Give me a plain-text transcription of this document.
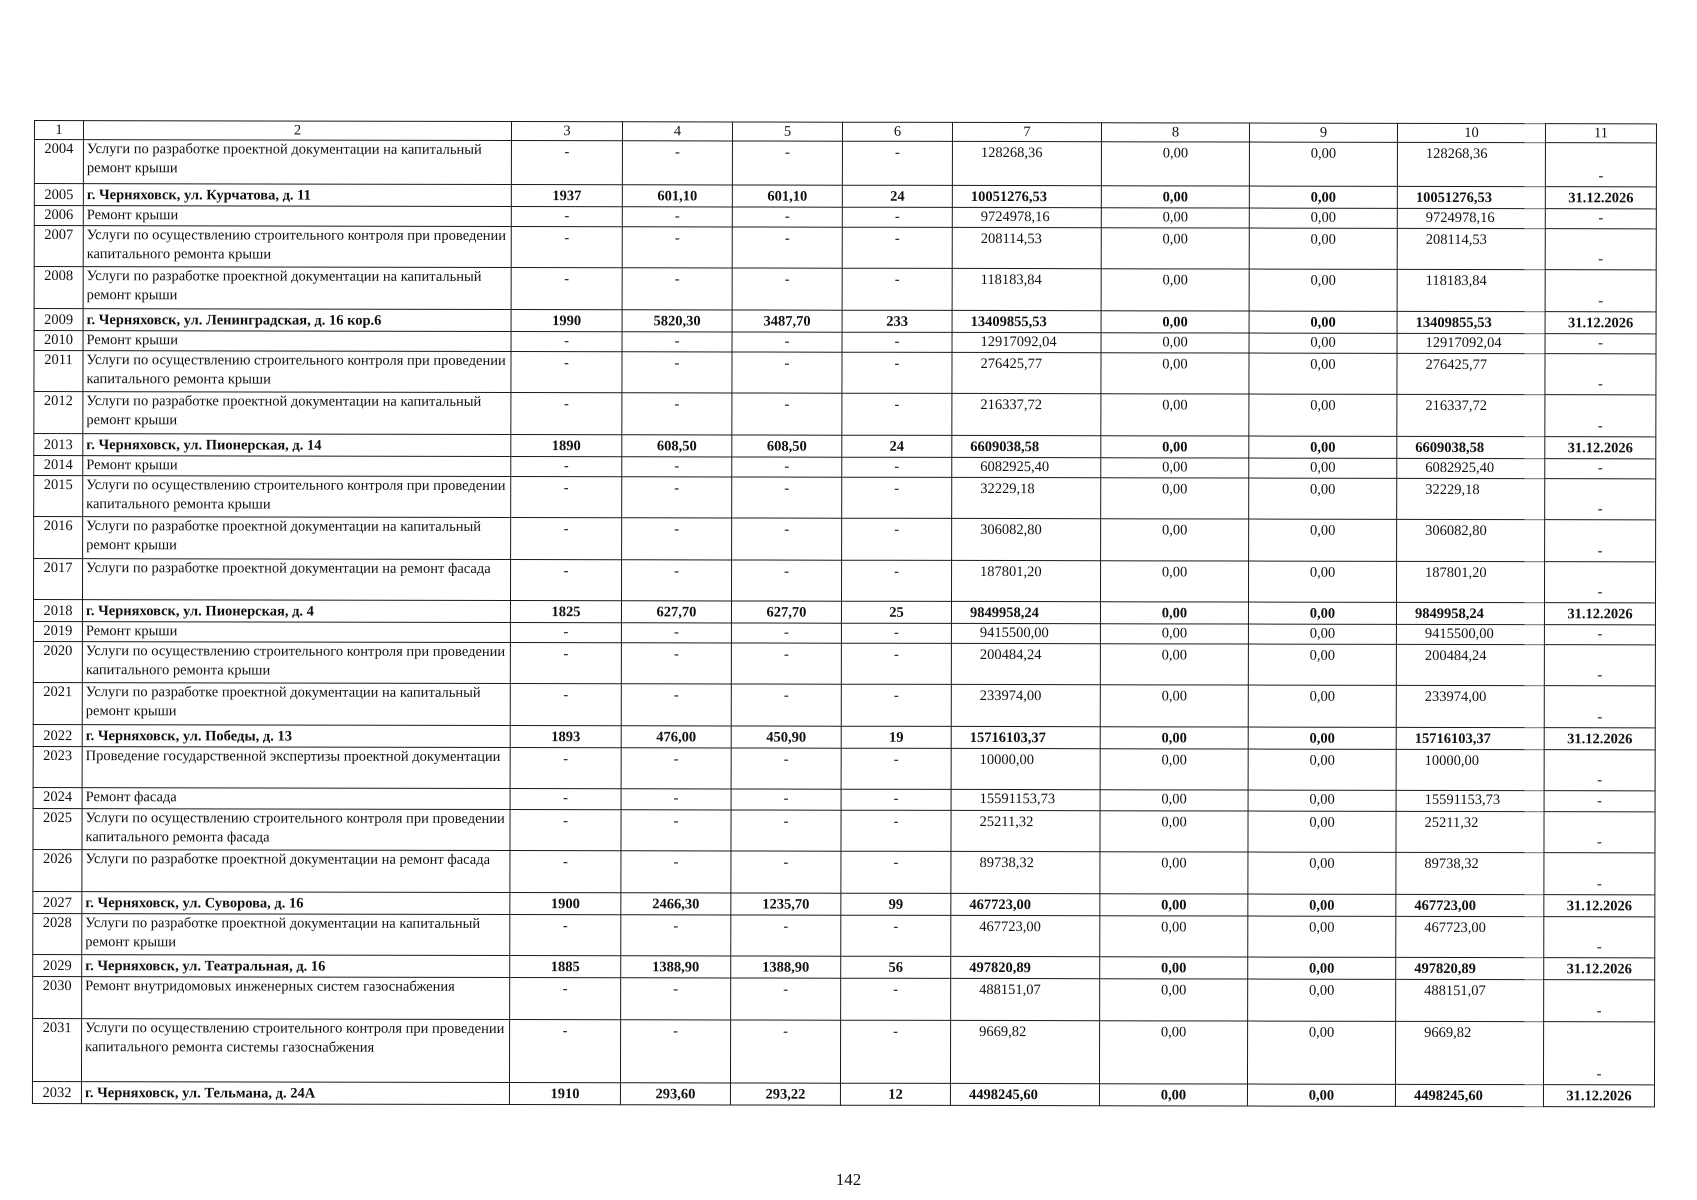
1	2	3	4	5	6	7	8	9	10	11
2004	Услуги по разработке проектной документации на капитальный ремонт крыши	-	-	-	-	128268,36	0,00	0,00	128268,36	-
2005	г. Черняховск, ул. Курчатова, д. 11	1937	601,10	601,10	24	10051276,53	0,00	0,00	10051276,53	31.12.2026
2006	Ремонт крыши	-	-	-	-	9724978,16	0,00	0,00	9724978,16	-
2007	Услуги по осуществлению строительного контроля при проведении капитального ремонта крыши	-	-	-	-	208114,53	0,00	0,00	208114,53	-
2008	Услуги по разработке проектной документации на капитальный ремонт крыши	-	-	-	-	118183,84	0,00	0,00	118183,84	-
2009	г. Черняховск, ул. Ленинградская, д. 16 кор.6	1990	5820,30	3487,70	233	13409855,53	0,00	0,00	13409855,53	31.12.2026
2010	Ремонт крыши	-	-	-	-	12917092,04	0,00	0,00	12917092,04	-
2011	Услуги по осуществлению строительного контроля при проведении капитального ремонта крыши	-	-	-	-	276425,77	0,00	0,00	276425,77	-
2012	Услуги по разработке проектной документации на капитальный ремонт крыши	-	-	-	-	216337,72	0,00	0,00	216337,72	-
2013	г. Черняховск, ул. Пионерская, д. 14	1890	608,50	608,50	24	6609038,58	0,00	0,00	6609038,58	31.12.2026
2014	Ремонт крыши	-	-	-	-	6082925,40	0,00	0,00	6082925,40	-
2015	Услуги по осуществлению строительного контроля при проведении капитального ремонта крыши	-	-	-	-	32229,18	0,00	0,00	32229,18	-
2016	Услуги по разработке проектной документации на капитальный ремонт крыши	-	-	-	-	306082,80	0,00	0,00	306082,80	-
2017	Услуги по разработке проектной документации на ремонт фасада	-	-	-	-	187801,20	0,00	0,00	187801,20	-
2018	г. Черняховск, ул. Пионерская, д. 4	1825	627,70	627,70	25	9849958,24	0,00	0,00	9849958,24	31.12.2026
2019	Ремонт крыши	-	-	-	-	9415500,00	0,00	0,00	9415500,00	-
2020	Услуги по осуществлению строительного контроля при проведении капитального ремонта крыши	-	-	-	-	200484,24	0,00	0,00	200484,24	-
2021	Услуги по разработке проектной документации на капитальный ремонт крыши	-	-	-	-	233974,00	0,00	0,00	233974,00	-
2022	г. Черняховск, ул. Победы, д. 13	1893	476,00	450,90	19	15716103,37	0,00	0,00	15716103,37	31.12.2026
2023	Проведение государственной экспертизы проектной документации	-	-	-	-	10000,00	0,00	0,00	10000,00	-
2024	Ремонт фасада	-	-	-	-	15591153,73	0,00	0,00	15591153,73	-
2025	Услуги по осуществлению строительного контроля при проведении капитального ремонта фасада	-	-	-	-	25211,32	0,00	0,00	25211,32	-
2026	Услуги по разработке проектной документации на ремонт фасада	-	-	-	-	89738,32	0,00	0,00	89738,32	-
2027	г. Черняховск, ул. Суворова, д. 16	1900	2466,30	1235,70	99	467723,00	0,00	0,00	467723,00	31.12.2026
2028	Услуги по разработке проектной документации на капитальный ремонт крыши	-	-	-	-	467723,00	0,00	0,00	467723,00	-
2029	г. Черняховск, ул. Театральная, д. 16	1885	1388,90	1388,90	56	497820,89	0,00	0,00	497820,89	31.12.2026
2030	Ремонт внутридомовых инженерных систем газоснабжения	-	-	-	-	488151,07	0,00	0,00	488151,07	-
2031	Услуги по осуществлению строительного контроля при проведении капитального ремонта системы газоснабжения	-	-	-	-	9669,82	0,00	0,00	9669,82	-
2032	г. Черняховск, ул. Тельмана, д. 24А	1910	293,60	293,22	12	4498245,60	0,00	0,00	4498245,60	31.12.2026
142
